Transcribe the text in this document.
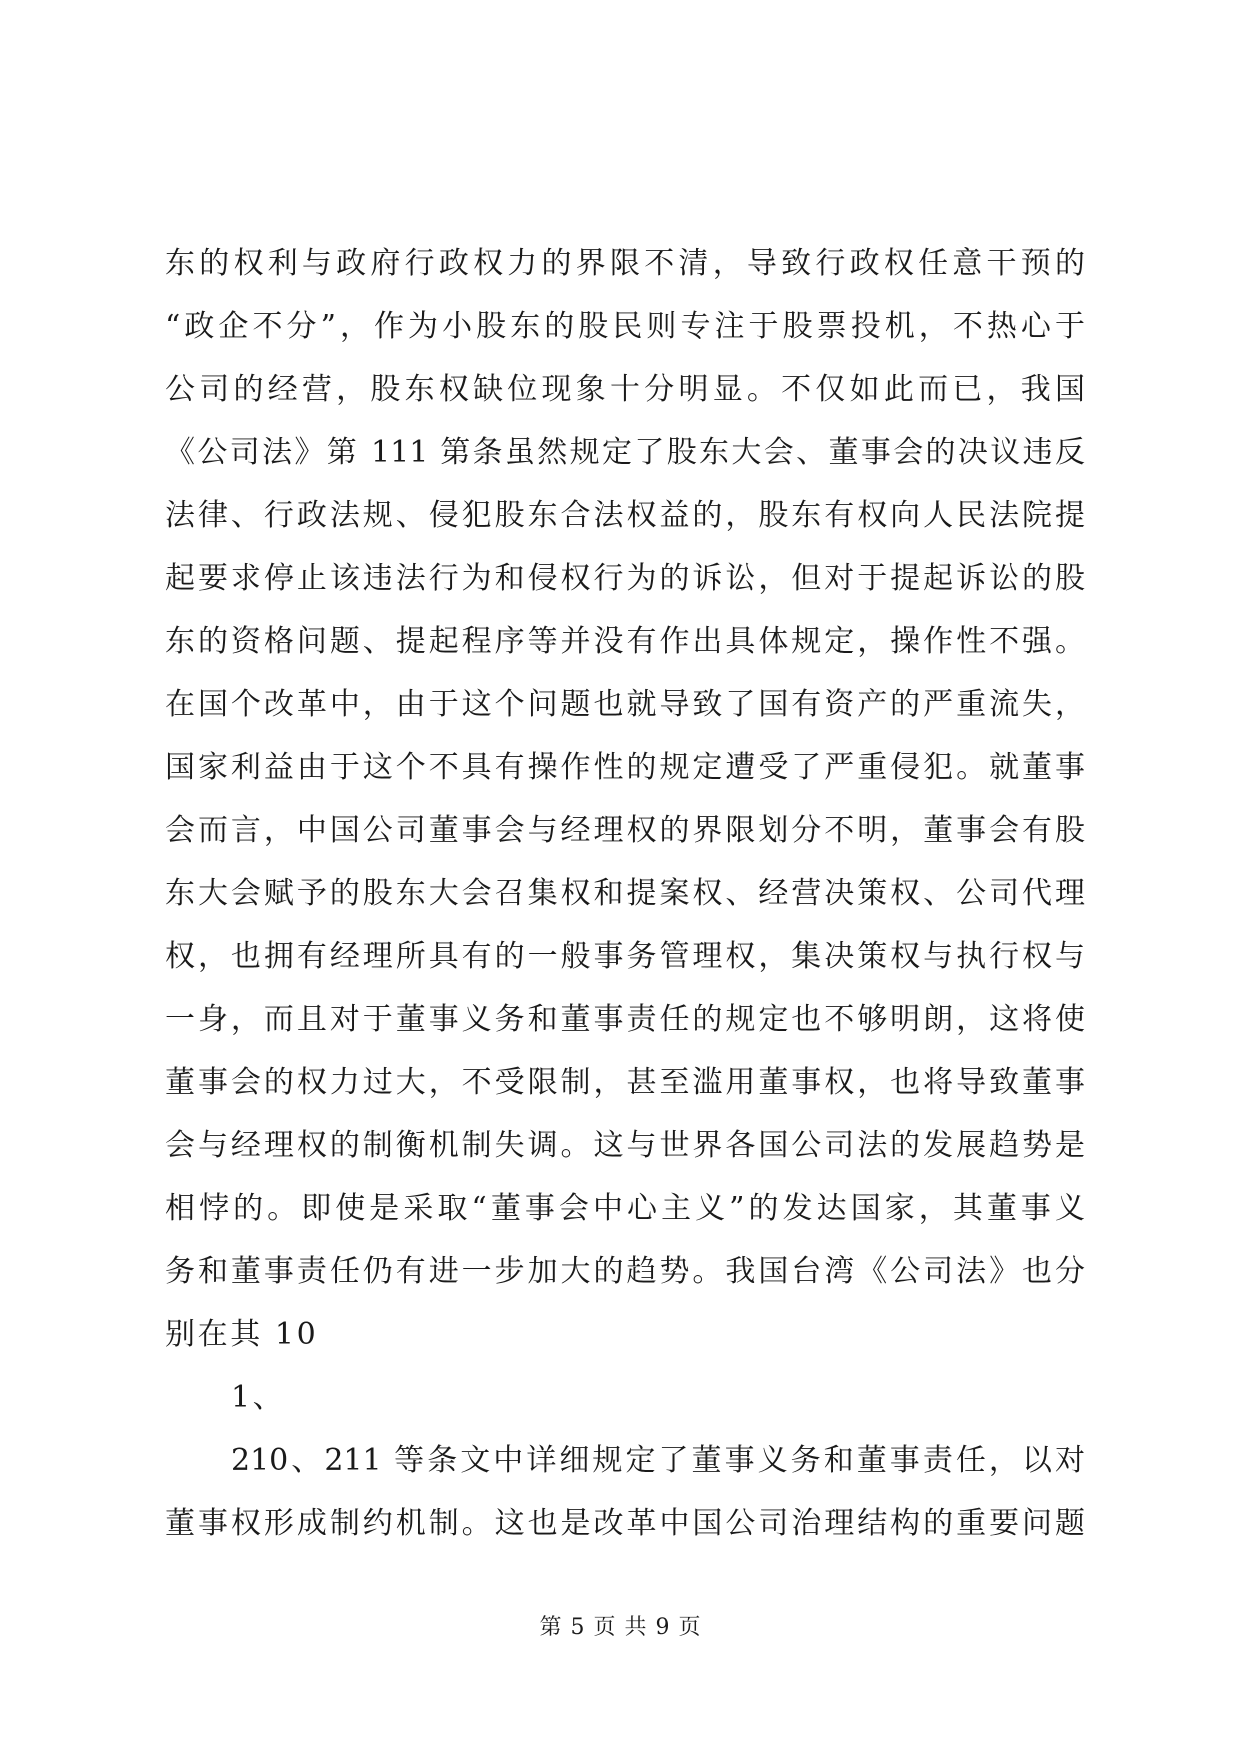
东的权利与政府行政权力的界限不清，导致行政权任意干预的
“政企不分”，作为小股东的股民则专注于股票投机，不热心于
公司的经营，股东权缺位现象十分明显。不仅如此而已，我国
《公司法》第 111 第条虽然规定了股东大会、董事会的决议违反
法律、行政法规、侵犯股东合法权益的，股东有权向人民法院提
起要求停止该违法行为和侵权行为的诉讼，但对于提起诉讼的股
东的资格问题、提起程序等并没有作出具体规定，操作性不强。
在国个改革中，由于这个问题也就导致了国有资产的严重流失，
国家利益由于这个不具有操作性的规定遭受了严重侵犯。就董事
会而言，中国公司董事会与经理权的界限划分不明，董事会有股
东大会赋予的股东大会召集权和提案权、经营决策权、公司代理
权，也拥有经理所具有的一般事务管理权，集决策权与执行权与
一身，而且对于董事义务和董事责任的规定也不够明朗，这将使
董事会的权力过大，不受限制，甚至滥用董事权，也将导致董事
会与经理权的制衡机制失调。这与世界各国公司法的发展趋势是
相悖的。即使是采取“董事会中心主义”的发达国家，其董事义
务和董事责任仍有进一步加大的趋势。我国台湾《公司法》也分
别在其 10
1、
210、211 等条文中详细规定了董事义务和董事责任，以对
董事权形成制约机制。这也是改革中国公司治理结构的重要问题
第 5 页 共 9 页
